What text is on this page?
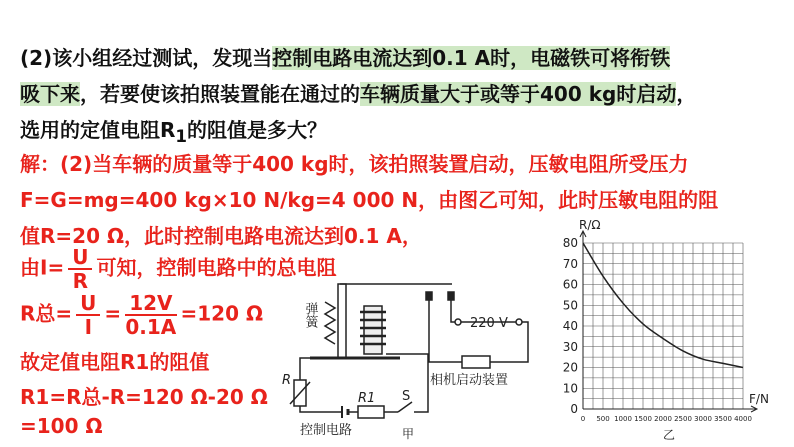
(2)该小组经过测试，发现当控制电路电流达到0.1 A时，电磁铁可将衔铁
吸下来，若要使该拍照装置能在通过的车辆质量大于或等于400 kg时启动，
选用的定值电阻$R_1$的阻值是多大？
解：(2)当车辆的质量等于400 kg时，该拍照装置启动，压敏电阻所受压力
F=G=mg=400 kg×10 N/kg=4 000 N，由图乙可知，此时压敏电阻的阻
值R=20 Ω，此时控制电路电流达到0.1 A，
由$I= \frac{U}{R}$ 可知，控制电路中的总电阻
R总= $\frac{U}{I} = \frac{12V}{0.1A} =120$ Ω
故定值电阻R1的阻值
R1=R总-R=120 Ω-20 Ω
=100 Ω
弹簧	220 V
R
R1 S
相机启动装置
控制电路	甲
0
10
20
30
40
50
60
70
80
0 500 1000 1500 2000 2500 3000 3500 4000
R/Ω
F/N
乙
